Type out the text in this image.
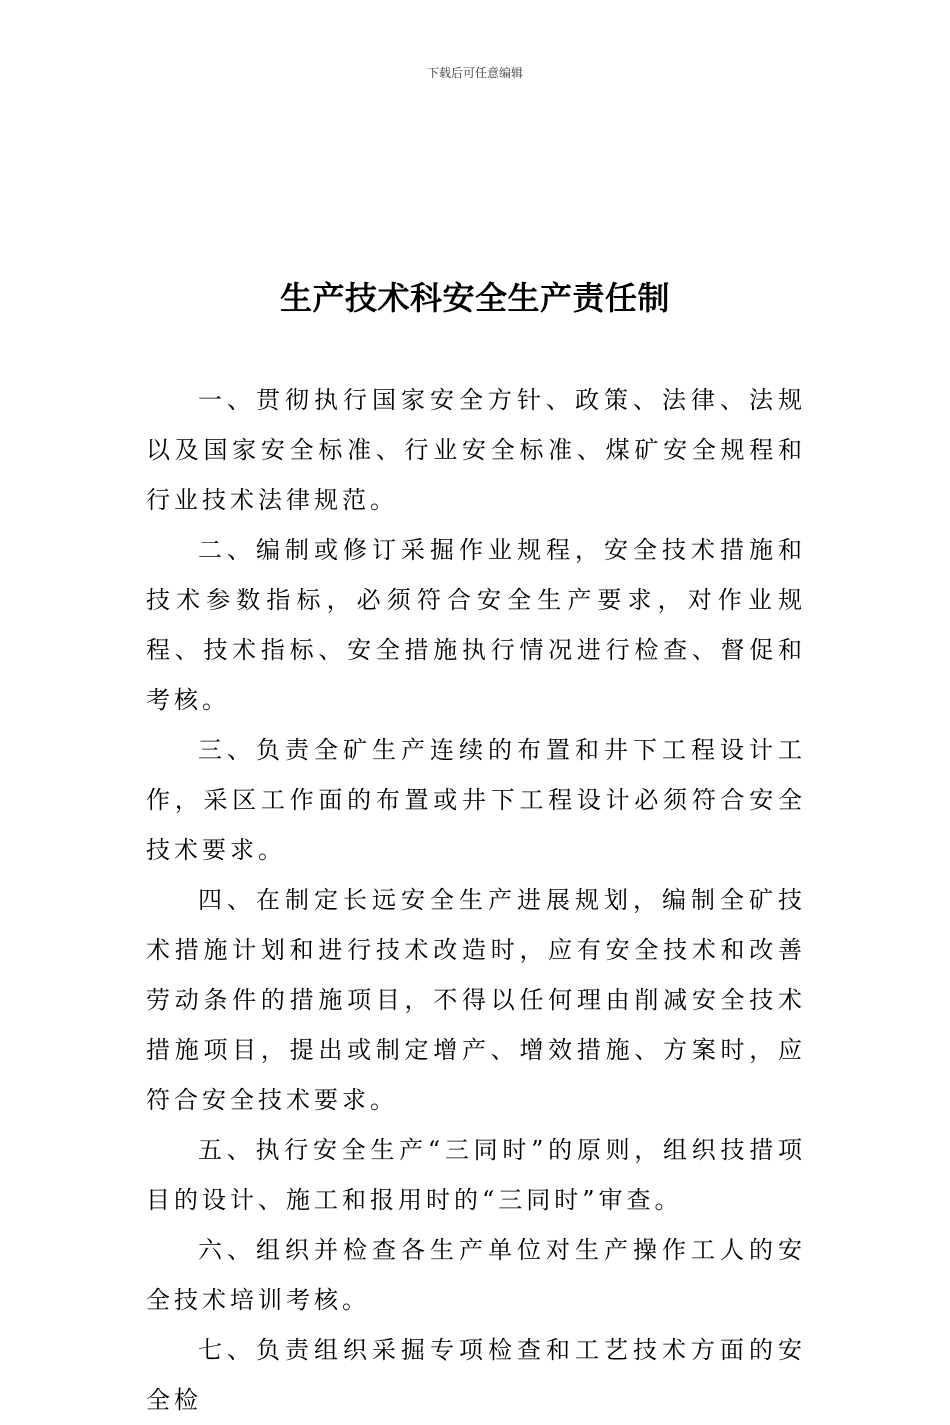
下载后可任意编辑
生产技术科安全生产责任制

一、贯彻执行国家安全方针、政策、法律、法规以及国家安全标准、行业安全标准、煤矿安全规程和行业技术法律规范。

二、编制或修订采掘作业规程，安全技术措施和技术参数指标，必须符合安全生产要求，对作业规程、技术指标、安全措施执行情况进行检查、督促和考核。

三、负责全矿生产连续的布置和井下工程设计工作，采区工作面的布置或井下工程设计必须符合安全技术要求。

四、在制定长远安全生产进展规划，编制全矿技术措施计划和进行技术改造时，应有安全技术和改善劳动条件的措施项目，不得以任何理由削减安全技术措施项目，提出或制定增产、增效措施、方案时，应符合安全技术要求。

五、执行安全生产“三同时”的原则，组织技措项目的设计、施工和报用时的“三同时”审查。

六、组织并检查各生产单位对生产操作工人的安全技术培训考核。

七、负责组织采掘专项检查和工艺技术方面的安全检
